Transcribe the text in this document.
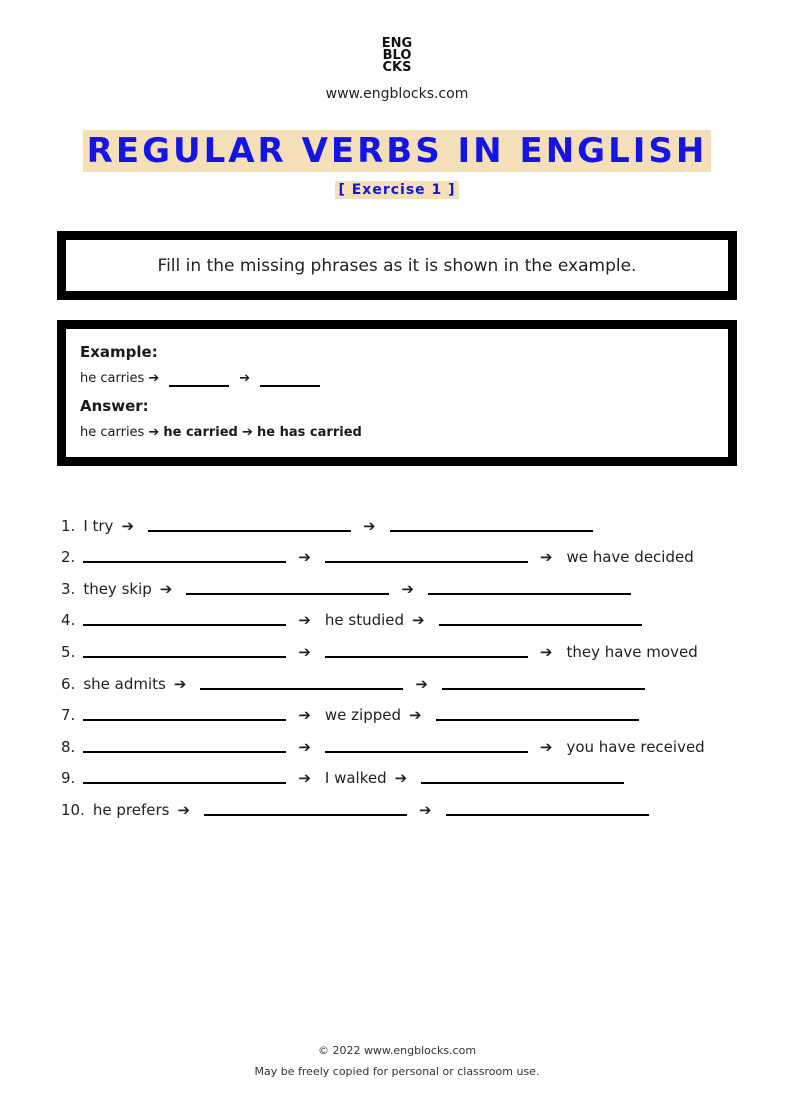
ENG
BLO
CKS
www.engblocks.com
REGULAR VERBS IN ENGLISH
[ Exercise 1 ]
Fill in the missing phrases as it is shown in the example.

Example:

he carries ➔	➔

Answer:

he carries ➔
he carried
➔
he has carried
1. I try ➔	➔
2.	➔	➔ we have decided
3. they skip ➔	➔
4.	➔ he studied ➔
5.	➔	➔ they have moved
6. she admits ➔	➔
7.	➔ we zipped ➔
8.	➔	➔ you have received
9.	➔ I walked ➔
10. he prefers ➔	➔
© 2022 www.engblocks.com
May be freely copied for personal or classroom use.
